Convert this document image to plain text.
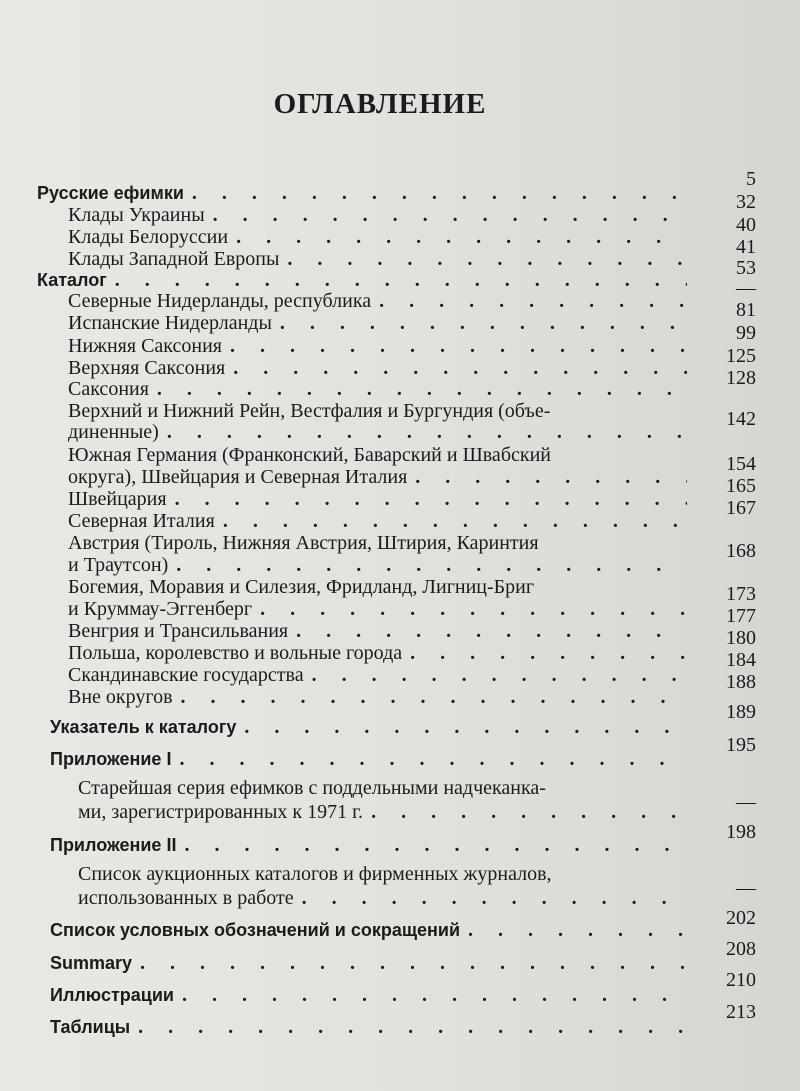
ОГЛАВЛЕНИЕ
5
32
40
41
53
—
81
99
125
128
142
154
165
167
168
173
177
180
184
188
189
195
—
198
—
202
208
210
213
Русские ефимки
. . .
Клады Украины
. . .
Клады Белоруссии
. . .
Клады Западной Европы
. . .
Каталог
. . .
Северные Нидерланды, республика
. . .
Испанские Нидерланды
. . .
Нижняя Саксония
. . .
Верхняя Саксония
. . .
Саксония
. . .
Верхний и Нижний Рейн, Вестфалия и Бургундия (объе-
диненные)
. . .
Южная Германия (Франконский, Баварский и Швабский
округа), Швейцария и Северная Италия
. . .
Швейцария
. . .
Северная Италия
. . .
Австрия (Тироль, Нижняя Австрия, Штирия, Каринтия
и Траутсон)
. . .
Богемия, Моравия и Силезия, Фридланд, Лигниц-Бриг
и Круммау-Эггенберг
. . .
Венгрия и Трансильвания
. . .
Польша, королевство и вольные города
. . .
Скандинавские государства
. . .
Вне округов
. . .
Указатель к каталогу
. . .
Приложение I
. . .
Старейшая серия ефимков с поддельными надчеканка-
ми, зарегистрированных к 1971 г.
. . .
Приложение II
. . .
Список аукционных каталогов и фирменных журналов,
использованных в работе
. . .
Список условных обозначений и сокращений
. . .
Summary
. . .
Иллюстрации
. . .
Таблицы
. . .
